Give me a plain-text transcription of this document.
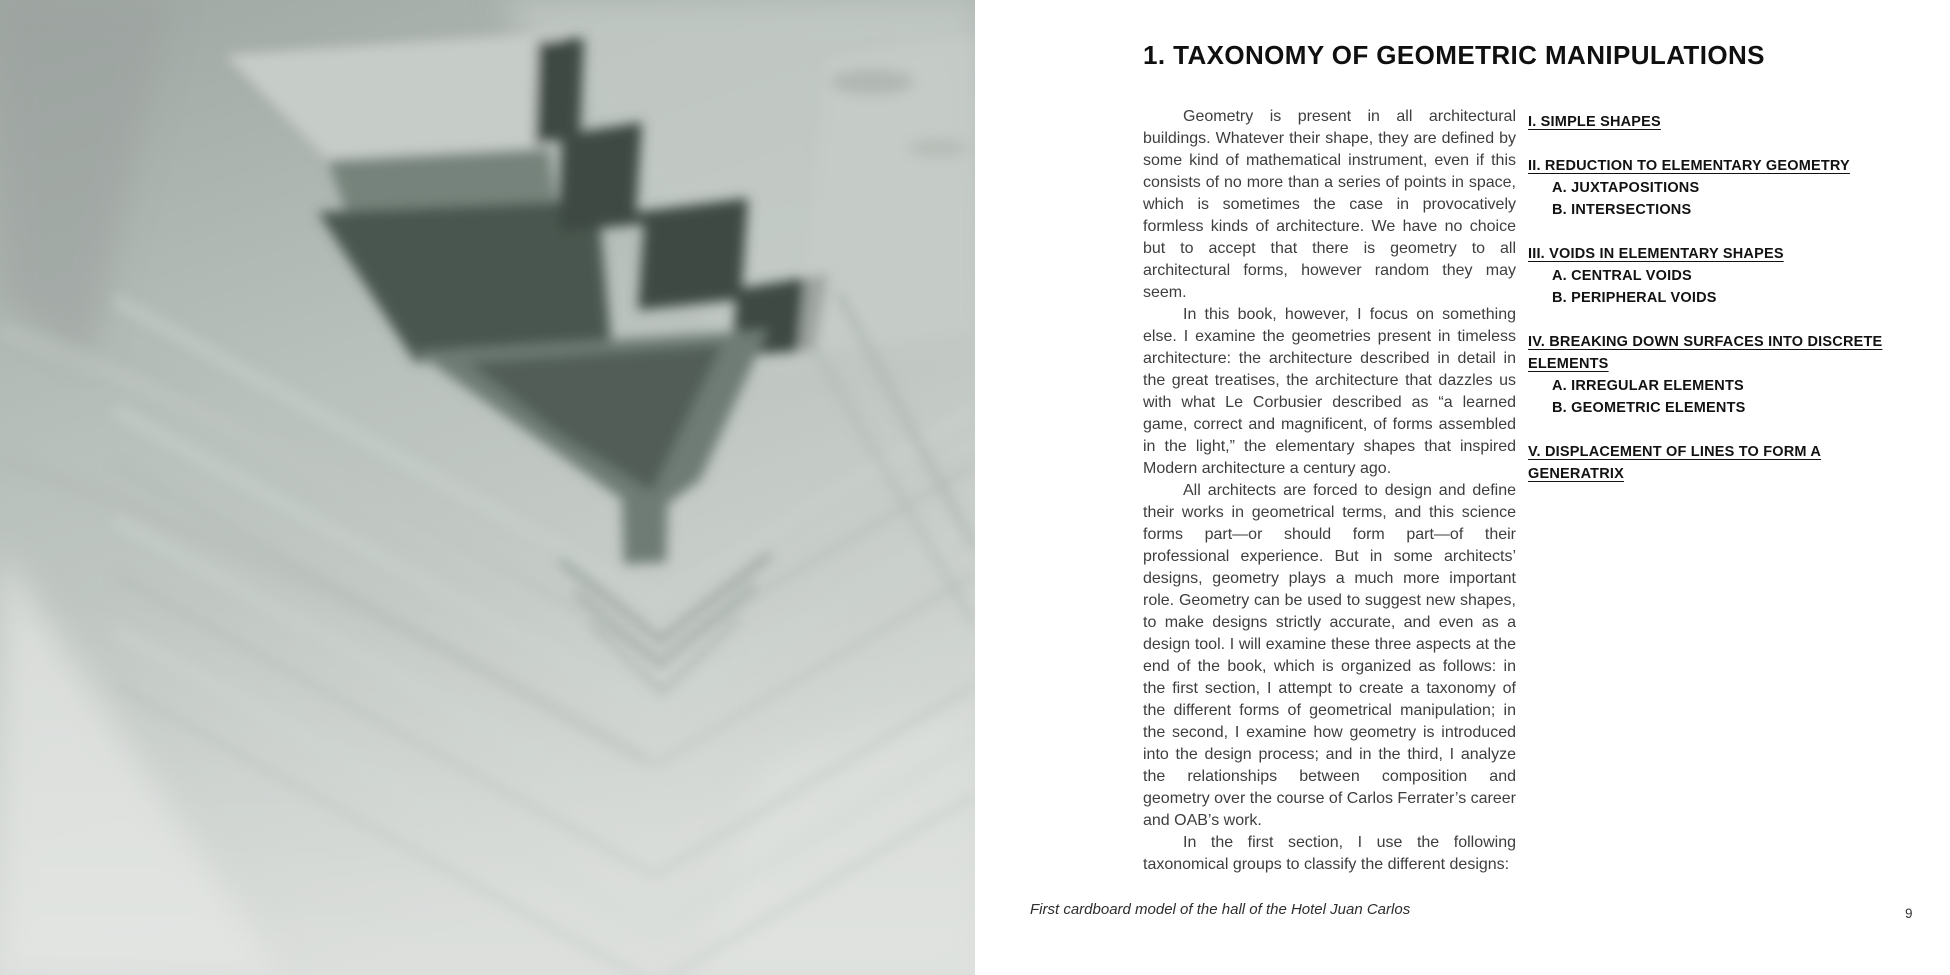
1. TAXONOMY OF GEOMETRIC MANIPULATIONS

Geometry is present in all architectural buildings. Whatever their shape, they are defined by some kind of mathematical instrument, even if this consists of no more than a series of points in space, which is sometimes the case in provocatively formless kinds of architecture. We have no choice but to accept that there is geometry to all architectural forms, however random they may seem.

In this book, however, I focus on something else. I examine the geometries present in timeless architecture: the architecture described in detail in the great treatises, the architecture that dazzles us with what Le Corbusier described as “a learned game, correct and magnificent, of forms assembled in the light,” the elementary shapes that inspired Modern architecture a century ago.

All architects are forced to design and define their works in geometrical terms, and this science forms part—or should form part—of their professional experience. But in some architects’ designs, geometry plays a much more important role. Geometry can be used to suggest new shapes, to make designs strictly accurate, and even as a design tool. I will examine these three aspects at the end of the book, which is organized as follows: in the first section, I attempt to create a taxonomy of the different forms of geometrical manipulation; in the second, I examine how geometry is introduced into the design process; and in the third, I analyze the relationships between composition and geometry over the course of Carlos Ferrater’s career and OAB’s work.

In the first section, I use the following taxonomical groups to classify the different designs:

I. SIMPLE SHAPES
II. REDUCTION TO ELEMENTARY GEOMETRY
A. JUXTAPOSITIONS
B. INTERSECTIONS
III. VOIDS IN ELEMENTARY SHAPES
A. CENTRAL VOIDS
B. PERIPHERAL VOIDS
IV. BREAKING DOWN SURFACES INTO DISCRETE ELEMENTS
A. IRREGULAR ELEMENTS
B. GEOMETRIC ELEMENTS
V. DISPLACEMENT OF LINES TO FORM A GENERATRIX
First cardboard model of the hall of the Hotel Juan Carlos	9
